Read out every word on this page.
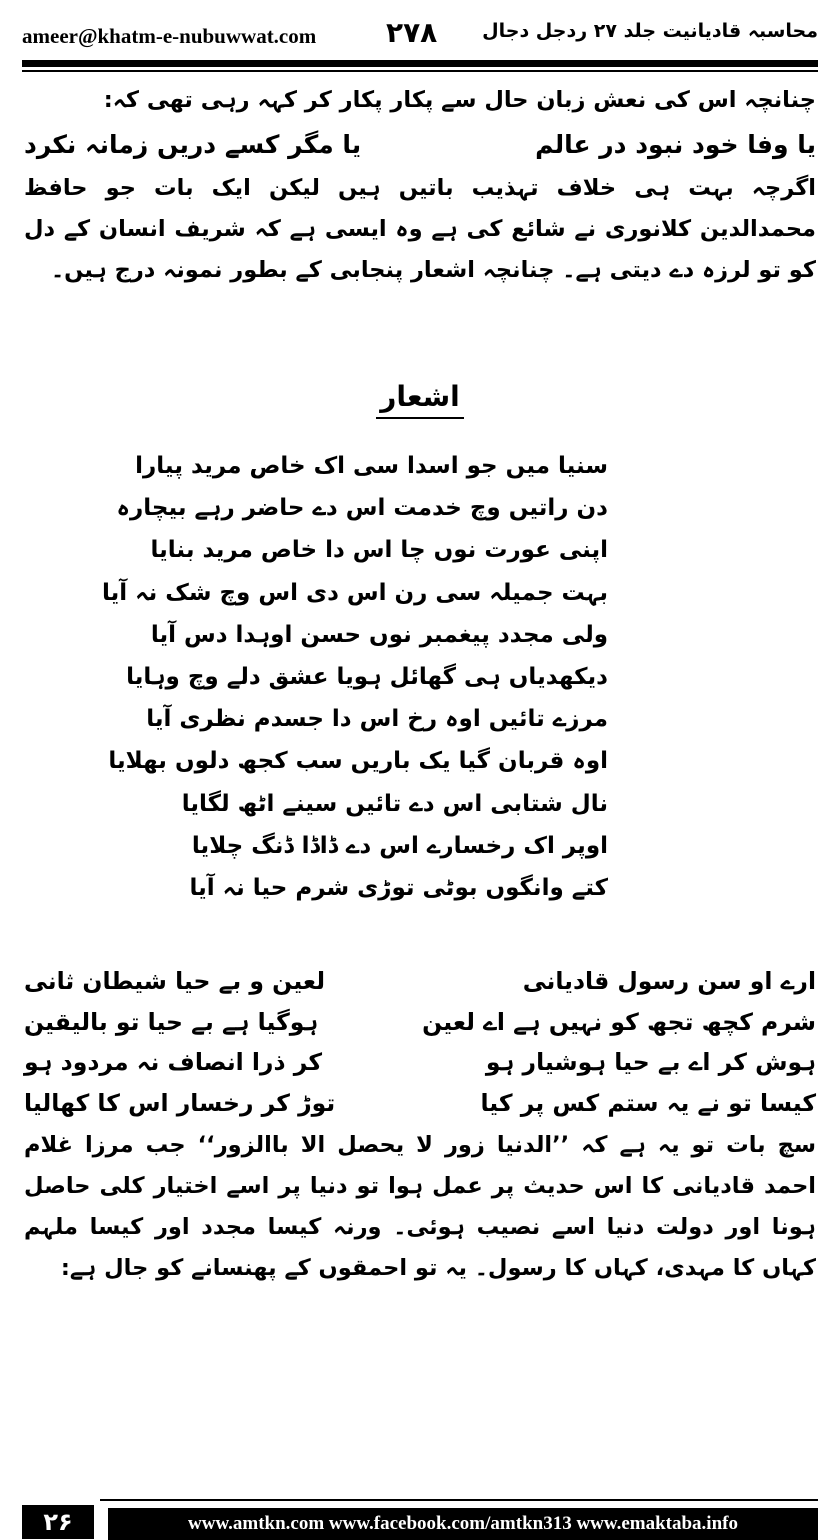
ameer@khatm-e-nubuwwat.com ۲۷۸ محاسبہ قادیانیت جلد ۲۷ ردجل دجال
چنانچہ اس کی نعش زبان حال سے پکار پکار کر کہہ رہی تھی کہ:
یا وفا خود نبود در عالم
یا مگر کسے دریں زمانہ نکرد
اگرچہ بہت ہی خلاف تہذیب باتیں ہیں لیکن ایک بات جو حافظ محمدالدین کلانوری نے شائع کی ہے وہ ایسی ہے کہ شریف انسان کے دل کو تو لرزہ دے دیتی ہے۔ چنانچہ اشعار پنجابی کے بطور نمونہ درج ہیں۔
اشعار
سنیا میں جو اسدا سی اک خاص مرید پیارا
دن راتیں وچ خدمت اس دے حاضر رہے بیچارہ
اپنی عورت نوں چا اس دا خاص مرید بنایا
بہت جمیلہ سی رن اس دی اس وچ شک نہ آیا
ولی مجدد پیغمبر نوں حسن اوہدا دس آیا
دیکھدیاں ہی گھائل ہویا عشق دلے وچ وہایا
مرزے تائیں اوہ رخ اس دا جسدم نظری آیا
اوہ قربان گیا یک باریں سب کجھ دلوں بھلایا
نال شتابی اس دے تائیں سینے اٹھ لگایا
اوپر اک رخسارے اس دے ڈاڈا ڈنگ چلایا
کتے وانگوں بوٹی توڑی شرم حیا نہ آیا
ارے او سن رسول قادیانی
لعین و بے حیا شیطان ثانی
شرم کچھ تجھ کو نہیں ہے اے لعین
ہوگیا ہے بے حیا تو بالیقین
ہوش کر اے بے حیا ہوشیار ہو
کر ذرا انصاف نہ مردود ہو
کیسا تو نے یہ ستم کس پر کیا
توڑ کر رخسار اس کا کھالیا
سچ بات تو یہ ہے کہ ’’الدنیا زور لا یحصل الا باالزور‘‘ جب مرزا غلام احمد قادیانی کا اس حدیث پر عمل ہوا تو دنیا پر اسے اختیار کلی حاصل ہونا اور دولت دنیا اسے نصیب ہوئی۔ ورنہ کیسا مجدد اور کیسا ملہم کہاں کا مہدی، کہاں کا رسول۔ یہ تو احمقوں کے پھنسانے کو جال ہے:
۲۶	www.amtkn.com www.facebook.com/amtkn313 www.emaktaba.info
